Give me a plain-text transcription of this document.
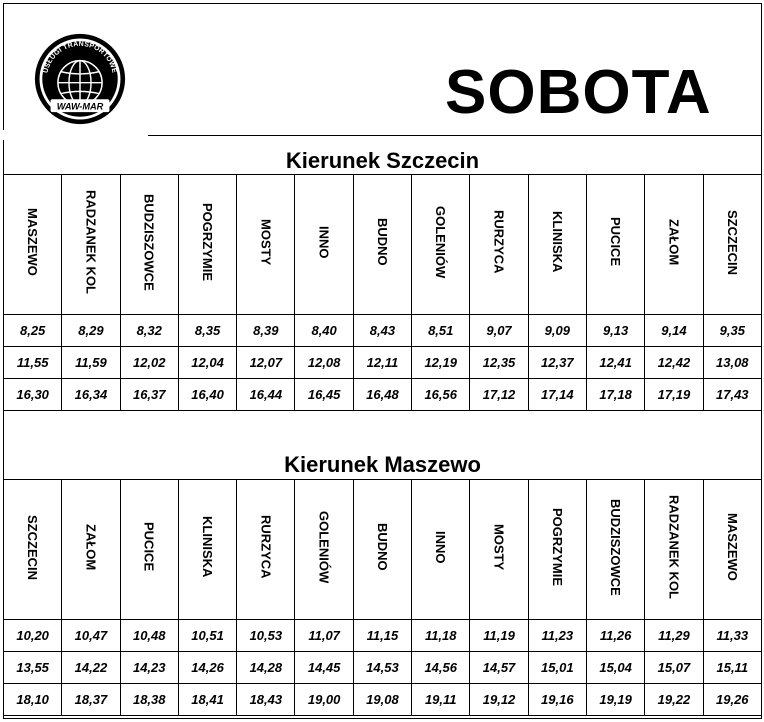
USŁUGI TRANSPORTOWE
WAW-MAR	SOBOTA
Kierunek Szczecin
MASZEWO	RADZANEK KOL	BUDZISZOWCE	POGRZYMIE	MOSTY	INNO	BUDNO	GOLENIÓW	RURZYCA	KLINISKA	PUCICE	ZAŁOM	SZCZECIN
8,25	8,29	8,32	8,35	8,39	8,40	8,43	8,51	9,07	9,09	9,13	9,14	9,35
11,55	11,59	12,02	12,04	12,07	12,08	12,11	12,19	12,35	12,37	12,41	12,42	13,08
16,30	16,34	16,37	16,40	16,44	16,45	16,48	16,56	17,12	17,14	17,18	17,19	17,43
Kierunek Maszewo
SZCZECIN	ZAŁOM	PUCICE	KLINISKA	RURZYCA	GOLENIÓW	BUDNO	INNO	MOSTY	POGRZYMIE	BUDZISZOWCE	RADZANEK KOL	MASZEWO
10,20	10,47	10,48	10,51	10,53	11,07	11,15	11,18	11,19	11,23	11,26	11,29	11,33
13,55	14,22	14,23	14,26	14,28	14,45	14,53	14,56	14,57	15,01	15,04	15,07	15,11
18,10	18,37	18,38	18,41	18,43	19,00	19,08	19,11	19,12	19,16	19,19	19,22	19,26
